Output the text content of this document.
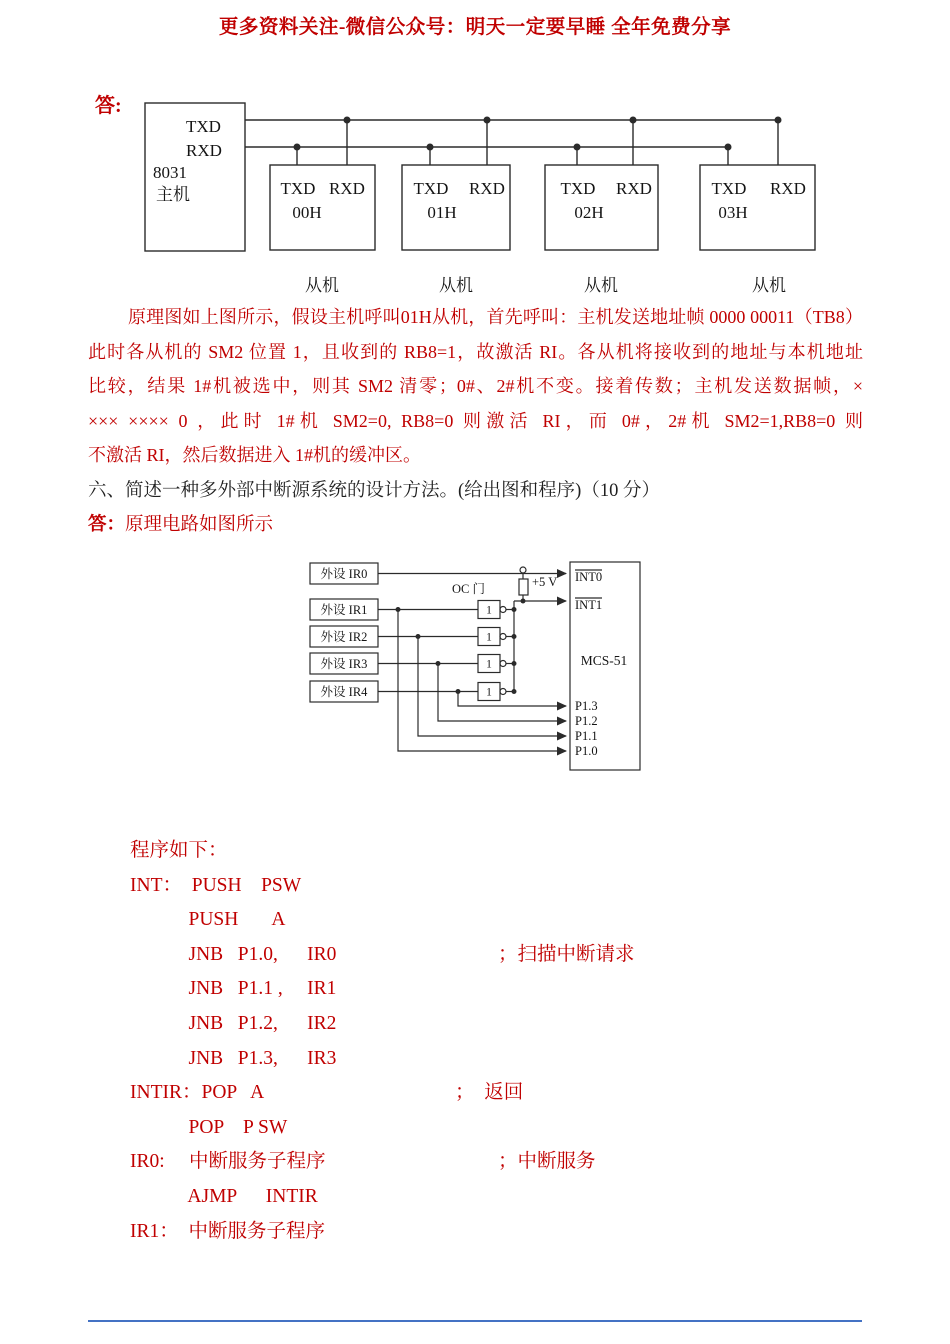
更多资料关注-微信公众号：明天一定要早睡 全年免费分享
答:
TXD
RXD
8031
主机	TXD RXD
00H
从机
TXD RXD
01H
从机
TXD RXD
02H
从机
TXD RXD
03H
从机
原理图如上图所示，假设主机呼叫01H从机，首先呼叫：主机发送地址帧 0000 00011（TB8）
此时各从机的 SM2 位置 1，且收到的 RB8=1，故激活 RI。各从机将接收到的地址与本机地址
比较，结果 1#机被选中，则其 SM2 清零；0#、2#机不变。接着传数；主机发送数据帧，×
××× ×××× 0 ，此时 1#机 SM2=0, RB8=0 则激活 RI，而 0#，2#机 SM2=1,RB8=0 则
不激活 RI，然后数据进入 1#机的缓冲区。
六、简述一种多外部中断源系统的设计方法。(给出图和程序)（10 分）
答：原理电路如图所示
外设 IR0
外设 IR1
外设 IR2
外设 IR3
外设 IR4
OC 门
1
1
1
1
+5 V INT0
INT1
MCS-51
P1.3
P1.2
P1.1
P1.0
程序如下：
INT：  PUSH    PSW
PUSH       A
JNB   P1.0,      IR0	；扫描中断请求
JNB   P1.1 ,     IR1
JNB   P1.2,      IR2
JNB   P1.3,      IR3
INTIR：POP   A	；  返回
POP    P SW
IR0:     中断服务子程序	；中断服务
AJMP      INTIR
IR1：  中断服务子程序
